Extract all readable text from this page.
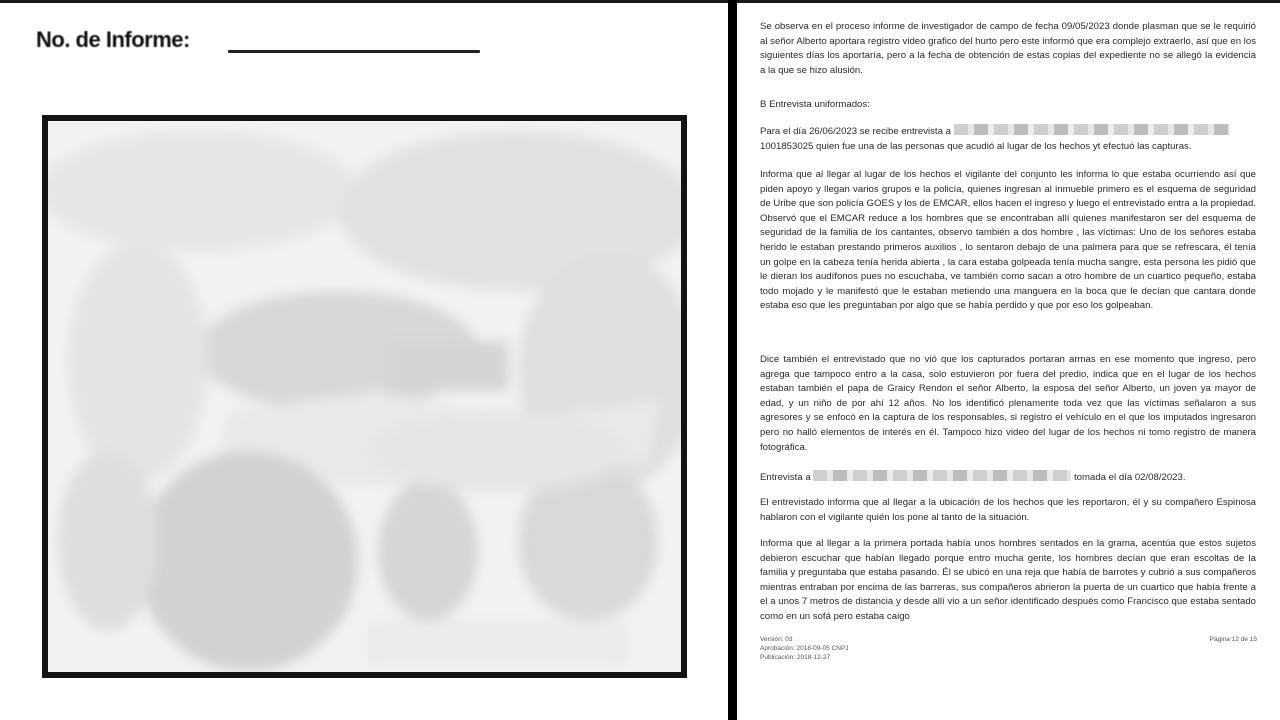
No. de Informe:

Se observa en el proceso informe de investigador de campo de fecha 09/05/2023 donde plasman que se le requirió al señor Alberto aportara registro video grafico del hurto pero este informó que era complejo extraerlo, así que en los siguientes días los aportaría, pero a la fecha de obtención de estas copias del expediente no se allegó la evidencia a la que se hizo alusión.

B Entrevista uniformados:

Para el día 26/06/2023 se recibe entrevista a
1001853025 quien fue una de las personas que acudió al lugar de los hechos yt efectuó las capturas.

Informa que al llegar al lugar de los hechos el vigilante del conjunto les informa lo que estaba ocurriendo así que piden apoyo y llegan varios grupos e la policía, quienes ingresan al inmueble primero es el esquema de seguridad de Uribe que son policía GOES y los de EMCAR, ellos hacen el ingreso y luego el entrevistado entra a la propiedad. Observó que el EMCAR reduce a los hombres que se encontraban allí quienes manifestaron ser del esquema de seguridad de la familia de los cantantes, observo también a dos hombre , las víctimas: Uno de los señores estaba herido le estaban prestando primeros auxilios , lo sentaron debajo de una palmera para que se refrescara, él tenía un golpe en la cabeza tenía herida abierta , la cara estaba golpeada tenía mucha sangre, esta persona les pidió que le dieran los audífonos pues no escuchaba, ve también como sacan a otro hombre de un cuartico pequeño, estaba todo mojado y le manifestó que le estaban metiendo una manguera en la boca que le decían que cantara donde estaba eso que les preguntaban por algo que se había perdido y que por eso los golpeaban.

Dice también el entrevistado que no vió que los capturados portaran armas en ese momento que ingreso, pero agrega que tampoco entro a la casa, solo estuvieron por fuera del predio, indica que en el lugar de los hechos estaban también el papa de Graicy Rendon el señor Alberto, la esposa del señor Alberto, un joven ya mayor de edad, y un niño de por ahí 12 años. No los identificó plenamente toda vez que las víctimas señalaron a sus agresores y se enfocó en la captura de los responsables, si registro el vehículo en el que los imputados ingresaron pero no halló elementos de interés en él. Tampoco hizo video del lugar de los hechos ni tomo registro de manera fotográfica.

Entrevista a	tomada el día 02/08/2023.

El entrevistado informa que al llegar a la ubicación de los hechos que les reportaron, él y su compañero Espinosa hablaron con el vigilante quién los pone al tanto de la situación.

Informa que al llegar a la primera portada había unos hombres sentados en la grama, acentúa que estos sujetos debieron escuchar que habían llegado porque entro mucha gente, los hombres decían que eran escoltas de la familia y preguntaba que estaba pasando. Él se ubicó en una reja que había de barrotes y cubrió a sus compañeros mientras entraban por encima de las barreras, sus compañeros abrieron la puerta de un cuartico que había frente a el a unos 7 metros de distancia y desde allí vio a un señor identificado después como Francisco que estaba sentado como en un sofá pero estaba caigo

Versión: 03
Aprobación: 2018-09-05 CNPJ
Publicación: 2018-12-27
Página 12 de 15
